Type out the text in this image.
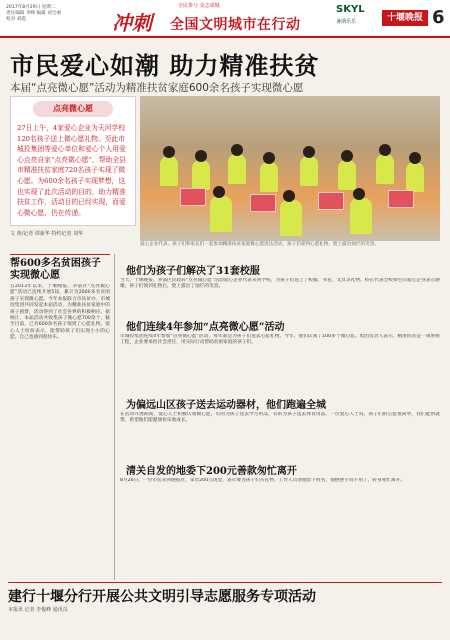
2017年8月29日 星期二
责任编辑 李峰 编辑 刘宝丽
校对 刘霞	冲刺
全民参与 众志成城
全国文明城市在行动
SKYL
暑期乐乐	十堰晚报 6
市民爱心如潮 助力精准扶贫
本届“点亮微心愿”活动为精准扶贫家庭600余名孩子实现微心愿
点亮微心愿
27日上午，4家爱心企业为天河学校120名孩子送上微心愿礼物。至此市城投集团等爱心单位和爱心个人用爱心点亮自家“点亮微心愿”，帮助全县市精准扶贫家庭720名孩子实现了微心愿。为600余名孩子实现梦想，这也实现了此次活动的目的，助力精准扶贫工作，活动目的已经实现，而爱心微心愿，仍在传递。
爱心企业代表、孩子们和家长们一起参加精准扶贫家庭微心愿送达活动，孩子们拿到心愿礼物，脸上露出灿烂的笑容。
文 黄/记者 谭新华 特约记者 刘华
帮600多名贫困孩子实现微心愿
自2013年以来，十堰晚报、茅箭区“点亮微心愿”活动已连续开展5届，累计为2000多名贫困孩子实现微心愿。今年本报联合市扶贫办、市城投集团共同发起本届活动，为精准扶贫家庭中的孩子圆梦，活动得到了社会各界的积极响应。据统计，本届活动共收集孩子微心愿700余个，截至目前，已有600余名孩子领到了心愿礼物。爱心人士纷纷表示，能帮助孩子们实现小小的心愿，自己也感到很快乐。
他们为孩子们解决了31套校服
当天，十堰晚报、茅箭区民政局“点亮微心愿”活动爱心企业代表来到学校，为孩子们送上了校服、书包、文具等礼物。校长代表全校师生向爱心企业表示感谢。孩子们领到礼物后，脸上露出了灿烂的笑容。
他们连续4年参加“点亮微心愿”活动
市城投集团连续4年参加“点亮微心愿”活动，每年都会为孩子们送去心愿礼物。今年，他们认领了100多个微心愿。集团负责人表示，精准扶贫是一项系统工程，企业要承担社会责任，用实际行动帮助贫困家庭的孩子们。
为偏远山区孩子送去运动器材，他们跑遍全城
在活动开展期间，爱心人士积极认领微心愿，有的为孩子送去学习用品，有的为孩子送去体育用品。一位爱心人士说，孩子们的心愿很简单，我们能帮就帮，希望他们能健康快乐地成长。
清关自发的地委下200元善款匆忙离开
8月26日，一位市民来到晚报社，拿出200元现金，表示要为孩子们买礼物。工作人员请他留下姓名，他摆摆手说不用了，转身匆忙离开。
建行十堰分行开展公共文明引导志愿服务专项活动
本报讯 记者 李俊峰 通讯员
